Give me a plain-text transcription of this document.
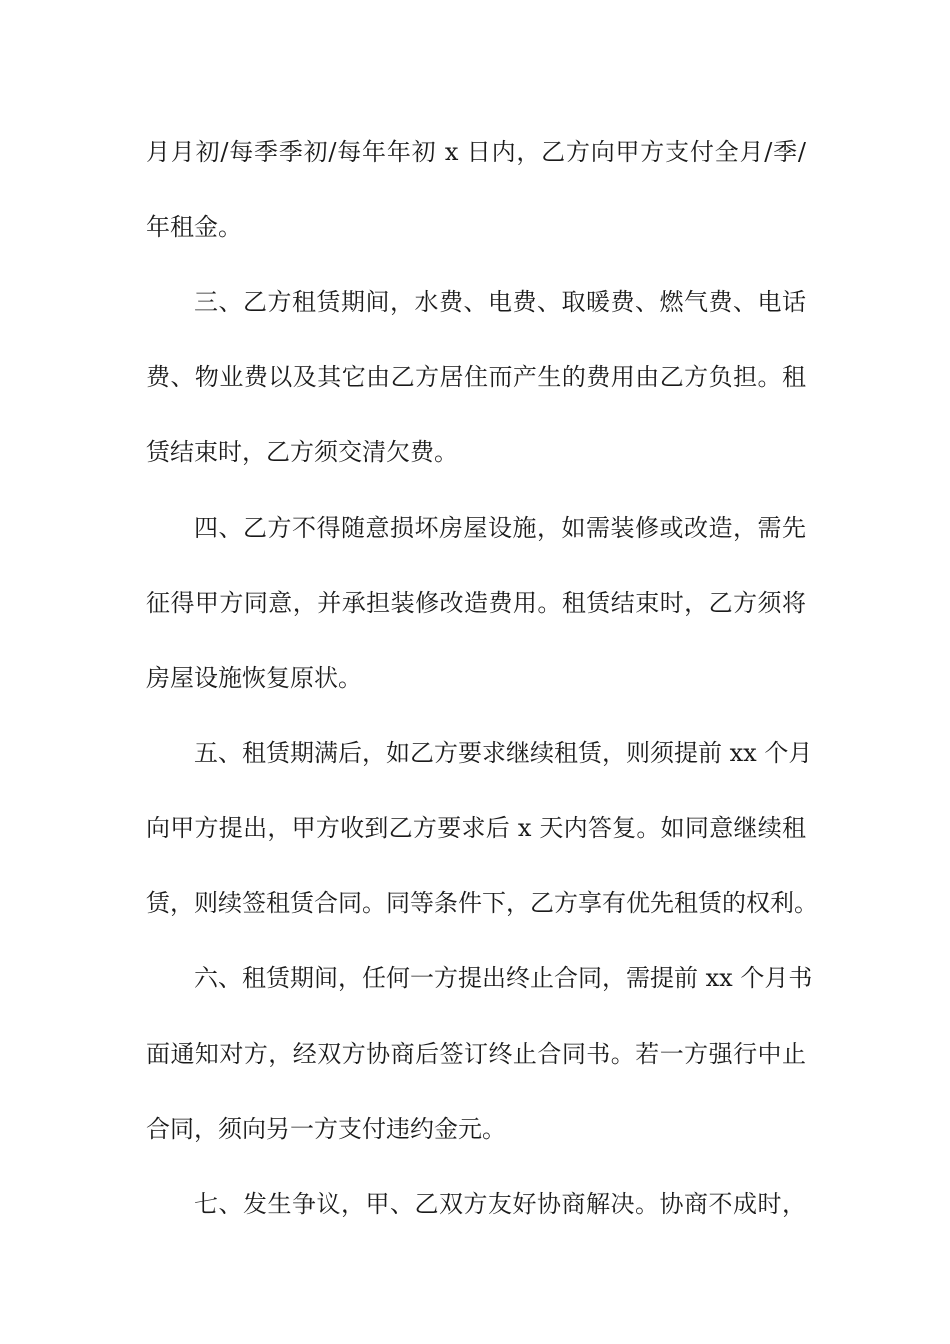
月月初/每季季初/每年年初 x 日内，乙方向甲方支付全月/季/
年租金。
三、乙方租赁期间，水费、电费、取暖费、燃气费、电话
费、物业费以及其它由乙方居住而产生的费用由乙方负担。租
赁结束时，乙方须交清欠费。
四、乙方不得随意损坏房屋设施，如需装修或改造，需先
征得甲方同意，并承担装修改造费用。租赁结束时，乙方须将
房屋设施恢复原状。
五、租赁期满后，如乙方要求继续租赁，则须提前 xx 个月
向甲方提出，甲方收到乙方要求后 x 天内答复。如同意继续租
赁，则续签租赁合同。同等条件下，乙方享有优先租赁的权利。
六、租赁期间，任何一方提出终止合同，需提前 xx 个月书
面通知对方，经双方协商后签订终止合同书。若一方强行中止
合同，须向另一方支付违约金元。
七、发生争议，甲、乙双方友好协商解决。协商不成时，
